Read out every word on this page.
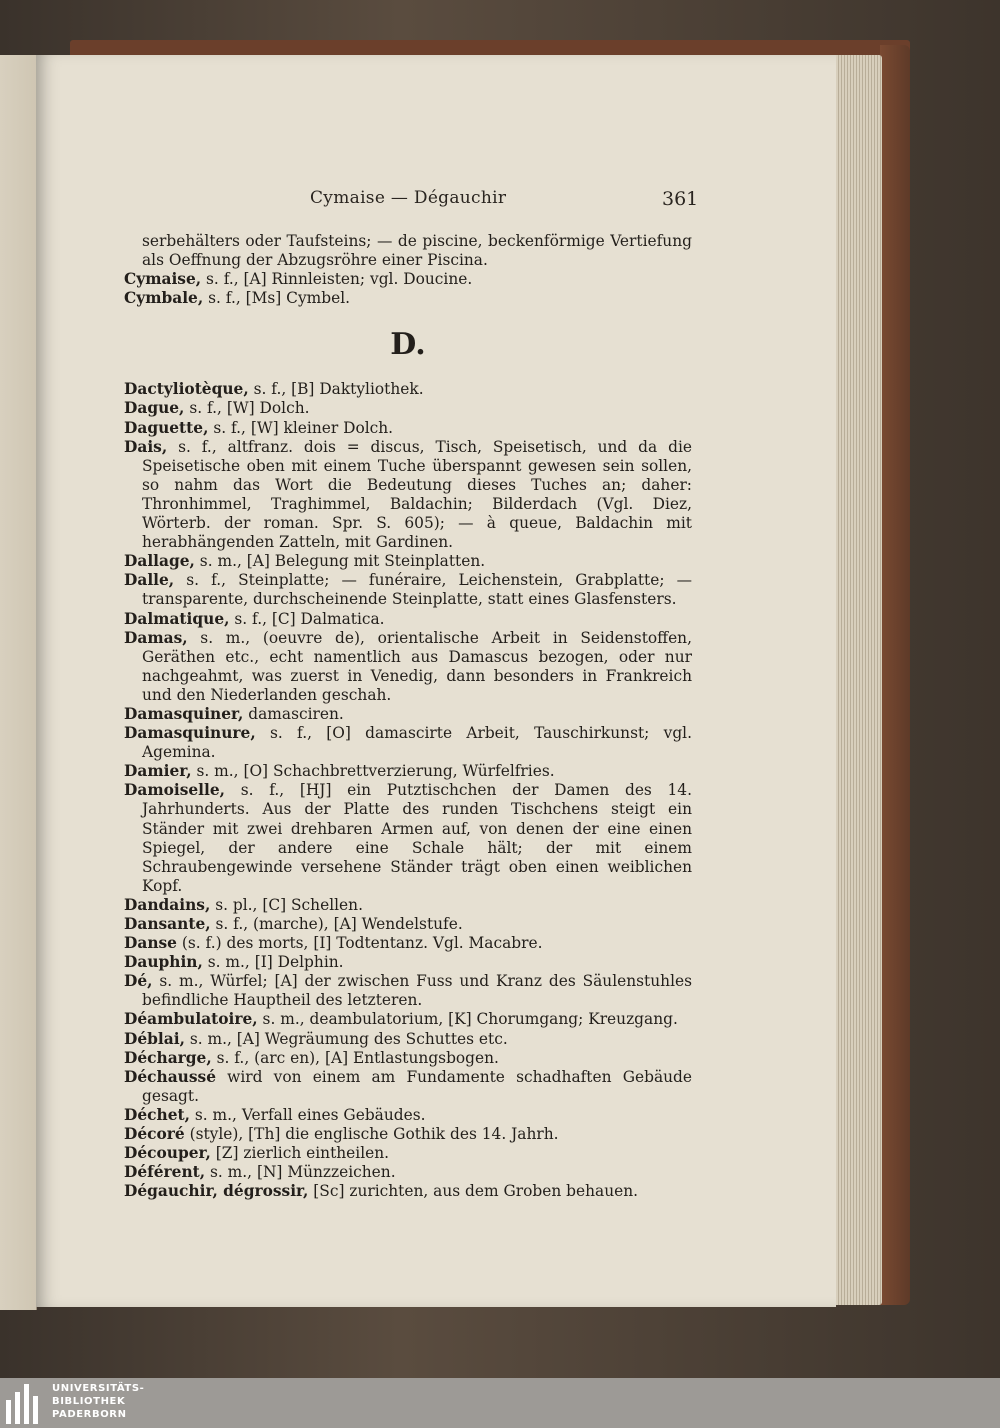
Cymaise — Dégauchir	361

serbehälters oder Taufsteins; — de piscine, beckenförmige Vertiefung als Oeffnung der Abzugsröhre einer Piscina.

Cymaise, s. f., [A] Rinnleisten; vgl. Doucine.

Cymbale, s. f., [Ms] Cymbel.

D.

Dactyliotèque, s. f., [B] Daktyliothek.

Dague, s. f., [W] Dolch.

Daguette, s. f., [W] kleiner Dolch.

Dais, s. f., altfranz. dois = discus, Tisch, Speisetisch, und da die Speisetische oben mit einem Tuche überspannt gewesen sein sollen, so nahm das Wort die Bedeutung dieses Tuches an; daher: Thronhimmel, Traghimmel, Baldachin; Bilderdach (Vgl. Diez, Wörterb. der roman. Spr. S. 605); — à queue, Baldachin mit herabhängenden Zatteln, mit Gardinen.

Dallage, s. m., [A] Belegung mit Steinplatten.

Dalle, s. f., Steinplatte; — funéraire, Leichenstein, Grabplatte; — transparente, durchscheinende Steinplatte, statt eines Glasfensters.

Dalmatique, s. f., [C] Dalmatica.

Damas, s. m., (oeuvre de), orientalische Arbeit in Seidenstoffen, Geräthen etc., echt namentlich aus Damascus bezogen, oder nur nachgeahmt, was zuerst in Venedig, dann besonders in Frankreich und den Niederlanden geschah.

Damasquiner, damasciren.

Damasquinure, s. f., [O] damascirte Arbeit, Tauschirkunst; vgl. Agemina.

Damier, s. m., [O] Schachbrettverzierung, Würfelfries.

Damoiselle, s. f., [HJ] ein Putztischchen der Damen des 14. Jahrhunderts. Aus der Platte des runden Tischchens steigt ein Ständer mit zwei drehbaren Armen auf, von denen der eine einen Spiegel, der andere eine Schale hält; der mit einem Schraubengewinde versehene Ständer trägt oben einen weiblichen Kopf.

Dandains, s. pl., [C] Schellen.

Dansante, s. f., (marche), [A] Wendelstufe.

Danse (s. f.) des morts, [I] Todtentanz. Vgl. Macabre.

Dauphin, s. m., [I] Delphin.

Dé, s. m., Würfel; [A] der zwischen Fuss und Kranz des Säulenstuhles befindliche Hauptheil des letzteren.

Déambulatoire, s. m., deambulatorium, [K] Chorumgang; Kreuzgang.

Déblai, s. m., [A] Wegräumung des Schuttes etc.

Décharge, s. f., (arc en), [A] Entlastungsbogen.

Déchaussé wird von einem am Fundamente schadhaften Gebäude gesagt.

Déchet, s. m., Verfall eines Gebäudes.

Décoré (style), [Th] die englische Gothik des 14. Jahrh.

Découper, [Z] zierlich eintheilen.

Déférent, s. m., [N] Münzzeichen.

Dégauchir, dégrossir, [Sc] zurichten, aus dem Groben behauen.

UNIVERSITÄTS-
BIBLIOTHEK
PADERBORN
